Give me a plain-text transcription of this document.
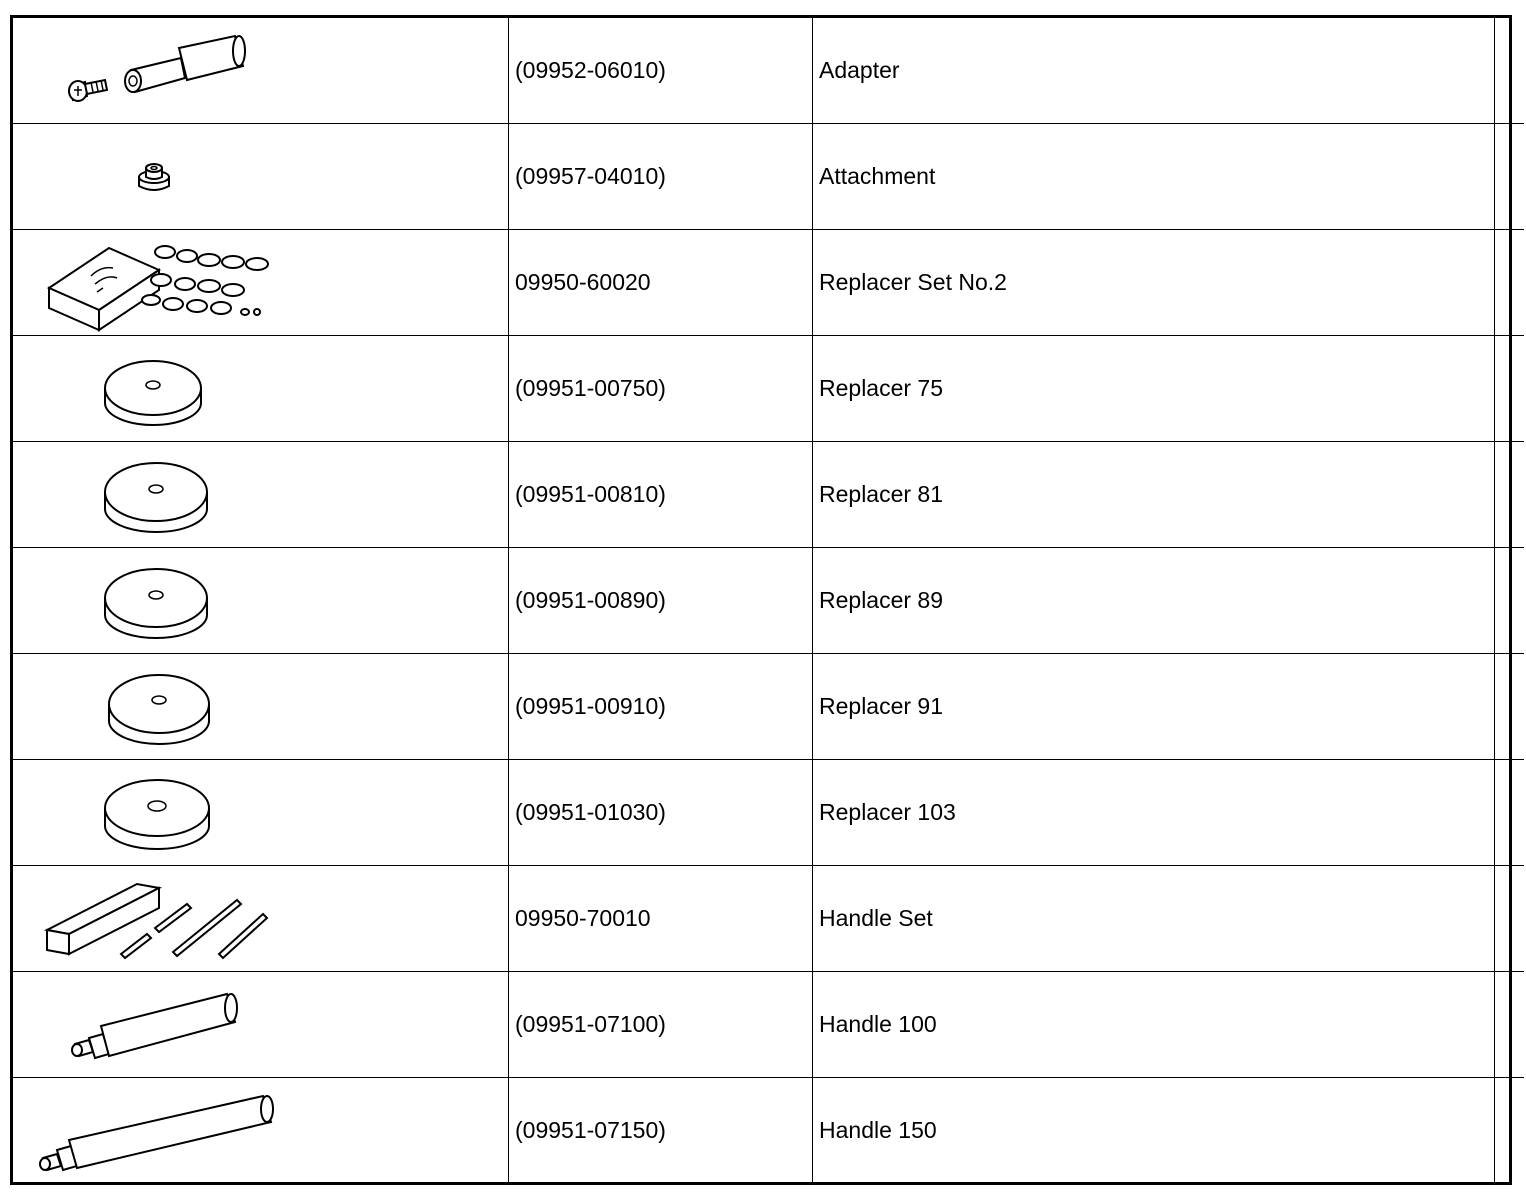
	(09952-06010)	Adapter	

	(09957-04010)	Attachment	

	09950-60020	Replacer Set No.2	

	(09951-00750)	Replacer 75	

	(09951-00810)	Replacer 81	

	(09951-00890)	Replacer 89	

	(09951-00910)	Replacer 91	

	(09951-01030)	Replacer 103	

	09950-70010	Handle Set	

	(09951-07100)	Handle 100	

	(09951-07150)	Handle 150	
